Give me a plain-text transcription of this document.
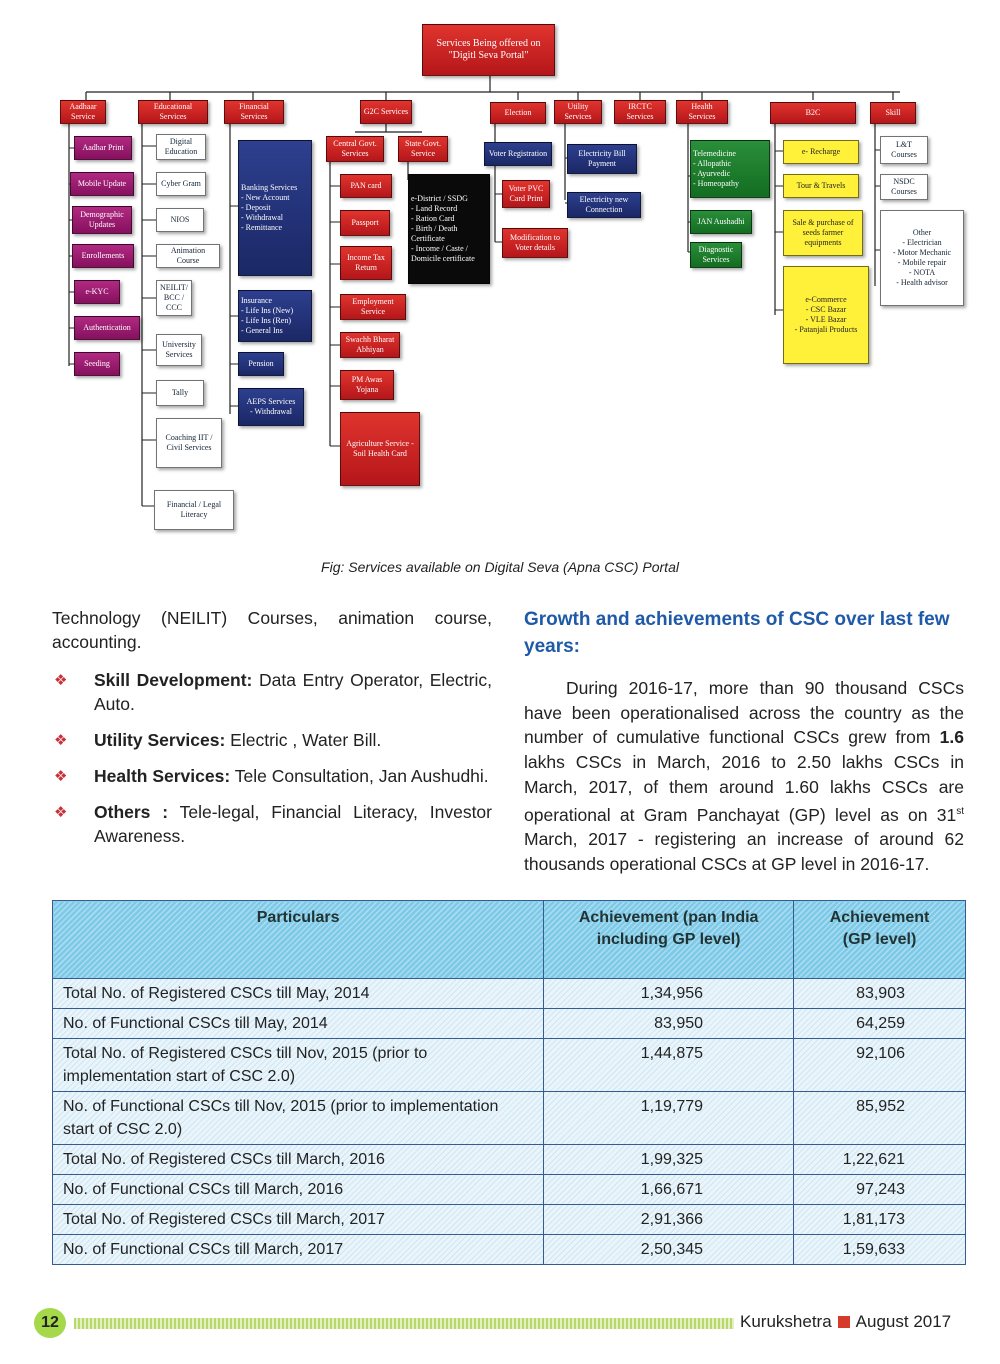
Services Being offered on "Digitl Seva Portal"
Aadhaar Service
Educational Services
Financial Services
G2C Services	Election
Utility Services
IRCTC Services
Health Services	B2C	Skill
Aadhar Print
Mobile Update
Demographic Updates
Enrollements
e-KYC
Authentication
Seeding
Digital Education
Cyber Gram
NIOS
Animation Course
NEILIT/ BCC / CCC
University Services
Tally
Coaching IIT / Civil Services
Financial / Legal Literacy
Banking Services
- New Account
- Deposit
- Withdrawal
- Remittance
Insurance
- Life Ins (New)
- Life Ins (Ren)
- General Ins
Pension
AEPS Services
- Withdrawal
Central Govt. Services
State Govt. Service
PAN card
Passport
Income Tax Return
Employment Service
Swachh Bharat Abhiyan
PM Awas Yojana
Agriculture Service - Soil Health Card
e-District / SSDG
- Land Record
- Ration Card
- Birth / Death Certificate
- Income / Caste / Domicile certificate
Voter Registration
Voter PVC Card Print
Modification to Voter details
Electricity Bill Payment
Electricity new Connection
Telemedicine
- Allopathic
- Ayurvedic
- Homeopathy
JAN Aushadhi
Diagnostic Services
e- Recharge
Tour & Travels
Sale & purchase of seeds farmer equipments
e-Commerce
- CSC Bazar
- VLE Bazar
- Patanjali Products
L&T Courses
NSDC Courses
Other
- Electrician
- Motor Mechanic
- Mobile repair
- NOTA
- Health advisor
Fig: Services available on Digital Seva (Apna CSC) Portal

Technology (NEILIT) Courses, animation course, accounting.

❖ Skill Development: Data Entry Operator, Electric, Auto.
❖ Utility Services: Electric , Water Bill.
❖ Health Services: Tele Consultation, Jan Aushudhi.
❖ Others : Tele-legal, Financial Literacy, Investor Awareness.
Growth and achievements of CSC over last few years:

During 2016-17, more than 90 thousand CSCs have been operationalised across the country as the number of cumulative functional CSCs grew from 1.6 lakhs CSCs in March, 2016 to 2.50 lakhs CSCs in March, 2017, of them around 1.60 lakhs CSCs are operational at Gram Panchayat (GP) level as on 31st March, 2017 - registering an increase of around 62 thousands operational CSCs at GP level in 2016-17.

Particulars	Achievement (pan India including GP level)	Achievement (GP level)
Total No. of Registered CSCs till May, 2014	1,34,956	83,903
No. of Functional CSCs till May, 2014	83,950	64,259
Total No. of Registered CSCs till Nov, 2015 (prior to implementation start of CSC 2.0)	1,44,875	92,106
No. of Functional CSCs till Nov, 2015 (prior to implementation start of CSC 2.0)	1,19,779	85,952
Total No. of Registered CSCs till March, 2016	1,99,325	1,22,621
No. of Functional CSCs till March, 2016	1,66,671	97,243
Total No. of Registered CSCs till March, 2017	2,91,366	1,81,173
No. of Functional CSCs till March, 2017	2,50,345	1,59,633
12	Kurukshetra August 2017
